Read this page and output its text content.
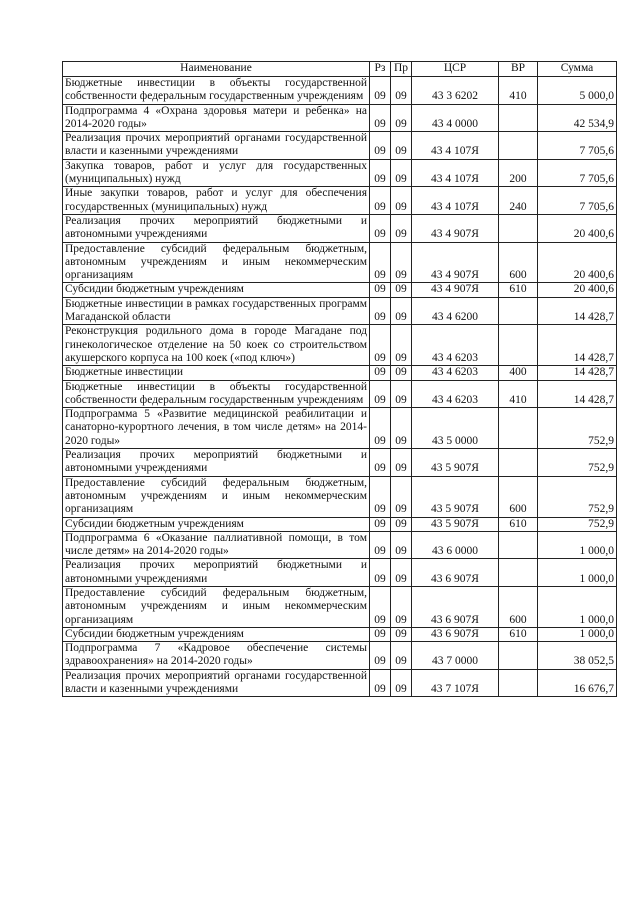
Наименование	Рз	Пр	ЦСР	ВР	Сумма
Бюджетные инвестиции в объекты государственной собственности федеральным государственным учреждениям	09	09	43 3 6202	410	5 000,0
Подпрограмма 4 «Охрана здоровья матери и ребенка» на 2014-2020 годы»	09	09	43 4 0000		42 534,9
Реализация прочих мероприятий органами государственной власти и казенными учреждениями	09	09	43 4 107Я		7 705,6
Закупка товаров, работ и услуг для государственных (муниципальных) нужд	09	09	43 4 107Я	200	7 705,6
Иные закупки товаров, работ и услуг для обеспечения государственных (муниципальных) нужд	09	09	43 4 107Я	240	7 705,6
Реализация прочих мероприятий бюджетными и автономными учреждениями	09	09	43 4 907Я		20 400,6
Предоставление субсидий федеральным бюджетным, автономным учреждениям и иным некоммерческим организациям	09	09	43 4 907Я	600	20 400,6
Субсидии бюджетным учреждениям	09	09	43 4 907Я	610	20 400,6
Бюджетные инвестиции в рамках государственных программ Магаданской области	09	09	43 4 6200		14 428,7
Реконструкция родильного дома в городе Магадане под гинекологическое отделение на 50 коек со строительством акушерского корпуса на 100 коек («под ключ»)	09	09	43 4 6203		14 428,7
Бюджетные инвестиции	09	09	43 4 6203	400	14 428,7
Бюджетные инвестиции в объекты государственной собственности федеральным государственным учреждениям	09	09	43 4 6203	410	14 428,7
Подпрограмма 5 «Развитие медицинской реабилитации и санаторно-курортного лечения, в том числе детям» на 2014-2020 годы»	09	09	43 5 0000		752,9
Реализация прочих мероприятий бюджетными и автономными учреждениями	09	09	43 5 907Я		752,9
Предоставление субсидий федеральным бюджетным, автономным учреждениям и иным некоммерческим организациям	09	09	43 5 907Я	600	752,9
Субсидии бюджетным учреждениям	09	09	43 5 907Я	610	752,9
Подпрограмма 6 «Оказание паллиативной помощи, в том числе детям» на 2014-2020 годы»	09	09	43 6 0000		1 000,0
Реализация прочих мероприятий бюджетными и автономными учреждениями	09	09	43 6 907Я		1 000,0
Предоставление субсидий федеральным бюджетным, автономным учреждениям и иным некоммерческим организациям	09	09	43 6 907Я	600	1 000,0
Субсидии бюджетным учреждениям	09	09	43 6 907Я	610	1 000,0
Подпрограмма 7 «Кадровое обеспечение системы здравоохранения» на 2014-2020 годы»	09	09	43 7 0000		38 052,5
Реализация прочих мероприятий органами государственной власти и казенными учреждениями	09	09	43 7 107Я		16 676,7
